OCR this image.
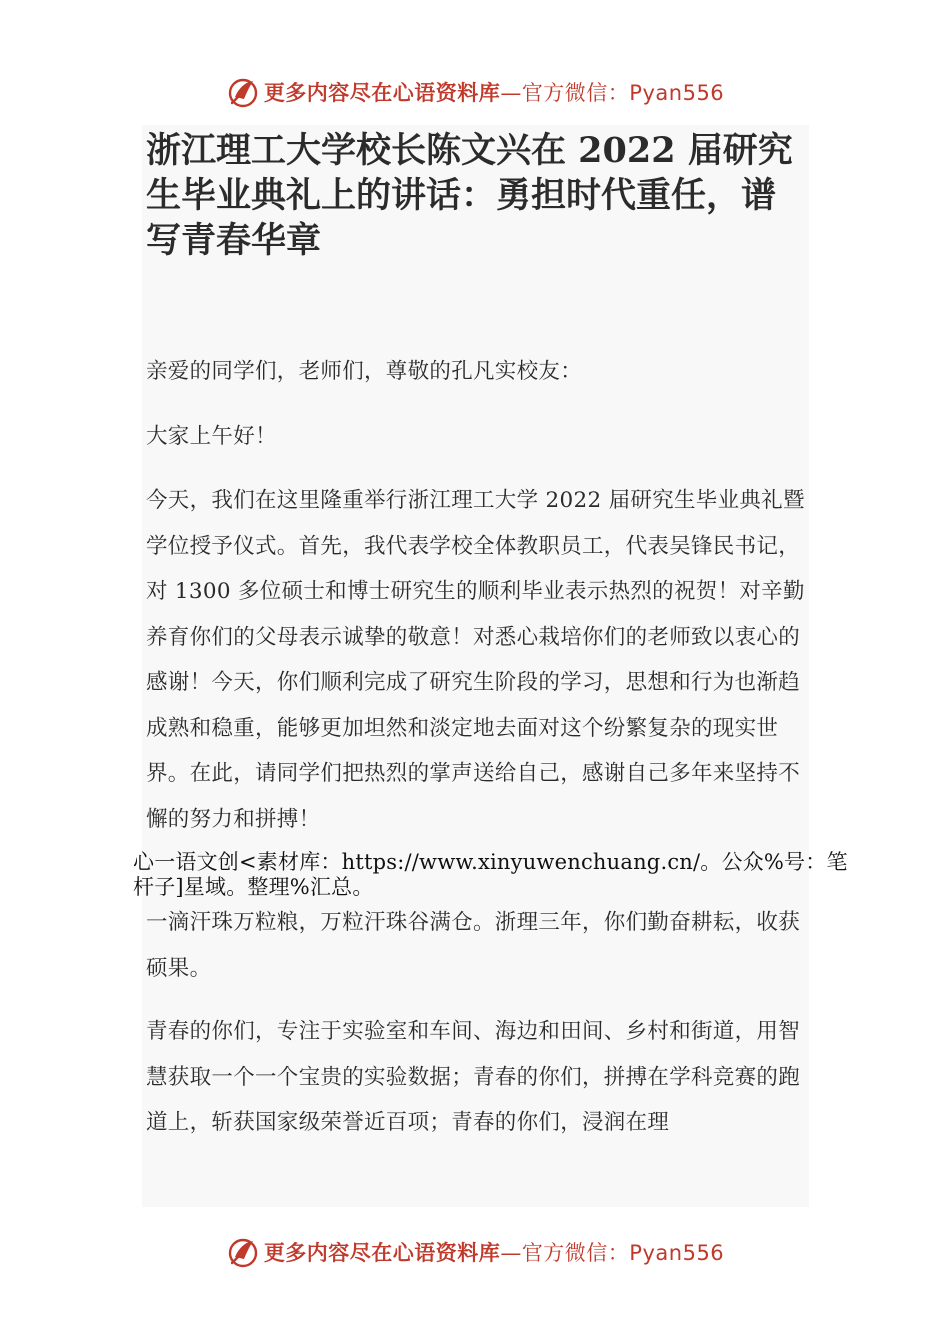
更多内容尽在心语资料库 —官方微信：Pyan556
浙江理工大学校长陈文兴在 2022 届研究生毕业典礼上的讲话：勇担时代重任，谱写青春华章

亲爱的同学们，老师们，尊敬的孔凡实校友：

大家上午好！

今天，我们在这里隆重举行浙江理工大学 2022 届研究生毕业典礼暨学位授予仪式。首先，我代表学校全体教职员工，代表吴锋民书记，对 1300 多位硕士和博士研究生的顺利毕业表示热烈的祝贺！对辛勤养育你们的父母表示诚挚的敬意！对悉心栽培你们的老师致以衷心的感谢！今天，你们顺利完成了研究生阶段的学习，思想和行为也渐趋成熟和稳重，能够更加坦然和淡定地去面对这个纷繁复杂的现实世界。在此，请同学们把热烈的掌声送给自己，感谢自己多年来坚持不懈的努力和拼搏！

心一语文创<素材库：https://www.xinyuwenchuang.cn/。公众%号：笔杆子]星域。整理%汇总。

一滴汗珠万粒粮，万粒汗珠谷满仓。浙理三年，你们勤奋耕耘，收获硕果。

青春的你们，专注于实验室和车间、海边和田间、乡村和街道，用智慧获取一个一个宝贵的实验数据；青春的你们，拼搏在学科竞赛的跑道上，斩获国家级荣誉近百项；青春的你们，浸润在理

更多内容尽在心语资料库 —官方微信：Pyan556
